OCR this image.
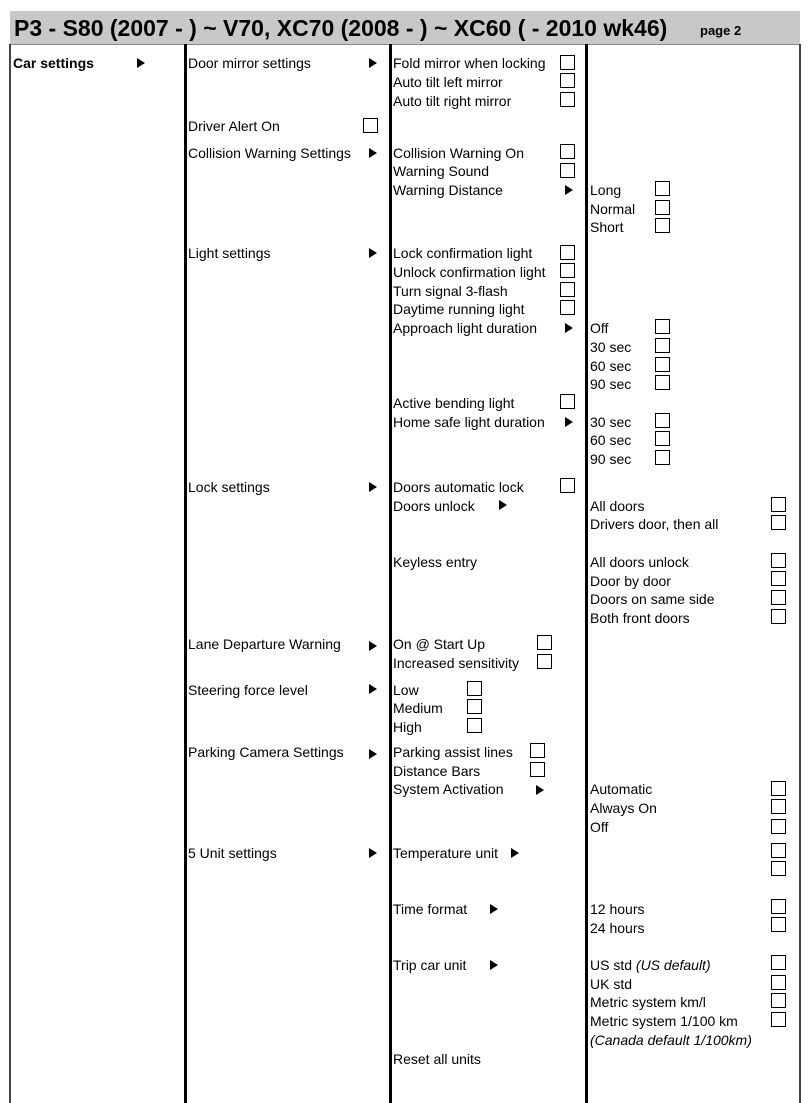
P3 - S80 (2007 - ) ~ V70, XC70 (2008 - ) ~ XC60 ( - 2010 wk46)	page 2
Car settings	Door mirror settings
Driver Alert On
Collision Warning Settings
Light settings
Lock settings
Lane Departure Warning
Steering force level
Parking Camera Settings
5 Unit settings
Fold mirror when locking
Auto tilt left mirror
Auto tilt right mirror
Collision Warning On
Warning Sound
Warning Distance
Lock confirmation light
Unlock confirmation light
Turn signal 3-flash
Daytime running light
Approach light duration
Active bending light
Home safe light duration
Doors automatic lock
Doors unlock
Keyless entry
On @ Start Up
Increased sensitivity
Low
Medium
High
Parking assist lines
Distance Bars
System Activation
Temperature unit
Time format
Trip car unit
Reset all units
Long
Normal
Short
Off
30 sec
60 sec
90 sec
30 sec
60 sec
90 sec
All doors
Drivers door, then all
All doors unlock
Door by door
Doors on same side
Both front doors
Automatic
Always On
Off
12 hours
24 hours
US std (US default)
UK std
Metric system km/l
Metric system 1/100 km
(Canada default 1/100km)
